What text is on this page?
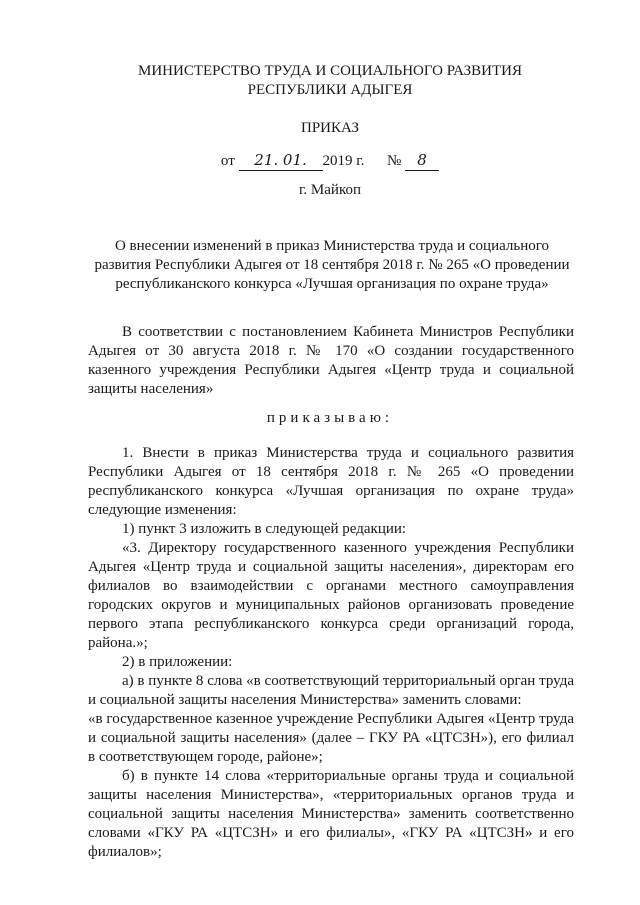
МИНИСТЕРСТВО ТРУДА И СОЦИАЛЬНОГО РАЗВИТИЯ
РЕСПУБЛИКИ АДЫГЕЯ
ПРИКАЗ
от 21. 01. 2019 г. № 8
г. Майкоп
О внесении изменений в приказ Министерства труда и социального развития Республики Адыгея от 18 сентября 2018 г. № 265 «О проведении республиканского конкурса «Лучшая организация по охране труда»

В соответствии с постановлением Кабинета Министров Республики Адыгея от 30 августа 2018 г. № 170 «О создании государственного казенного учреждения Республики Адыгея «Центр труда и социальной защиты населения»

приказываю:

1. Внести в приказ Министерства труда и социального развития Республики Адыгея от 18 сентября 2018 г. № 265 «О проведении республиканского конкурса «Лучшая организация по охране труда» следующие изменения:

1) пункт 3 изложить в следующей редакции:

«3. Директору государственного казенного учреждения Республики Адыгея «Центр труда и социальной защиты населения», директорам его филиалов во взаимодействии с органами местного самоуправления городских округов и муниципальных районов организовать проведение первого этапа республиканского конкурса среди организаций города, района.»;

2) в приложении:

а) в пункте 8 слова «в соответствующий территориальный орган труда и социальной защиты населения Министерства» заменить словами:

«в государственное казенное учреждение Республики Адыгея «Центр труда и социальной защиты населения» (далее – ГКУ РА «ЦТСЗН»), его филиал в соответствующем городе, районе»;

б) в пункте 14 слова «территориальные органы труда и социальной защиты населения Министерства», «территориальных органов труда и социальной защиты населения Министерства» заменить соответственно словами «ГКУ РА «ЦТСЗН» и его филиалы», «ГКУ РА «ЦТСЗН» и его филиалов»;
